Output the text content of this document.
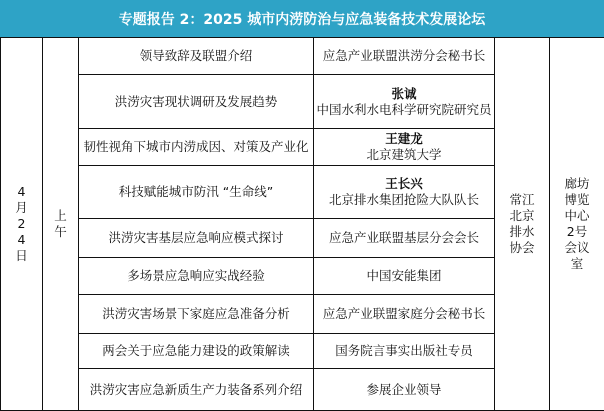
专题报告 2：2025 城市内涝防治与应急装备技术发展论坛
4月24日	上午	领导致辞及联盟介绍	应急产业联盟洪涝分会秘书长	常江 北京排水协会	廊坊博览中心2号会议室
		洪涝灾害现状调研及发展趋势	张诚
中国水利水电科学研究院研究员		

		韧性视角下城市内涝成因、对策及产业化	王建龙
北京建筑大学		

		科技赋能城市防汛 “生命线”	王长兴
北京排水集团抢险大队队长		

		洪涝灾害基层应急响应模式探讨	应急产业联盟基层分会会长		

		多场景应急响应实战经验	中国安能集团		

		洪涝灾害场景下家庭应急准备分析	应急产业联盟家庭分会秘书长		

		两会关于应急能力建设的政策解读	国务院言事实出版社专员		

		洪涝灾害应急新质生产力装备系列介绍	参展企业领导		
